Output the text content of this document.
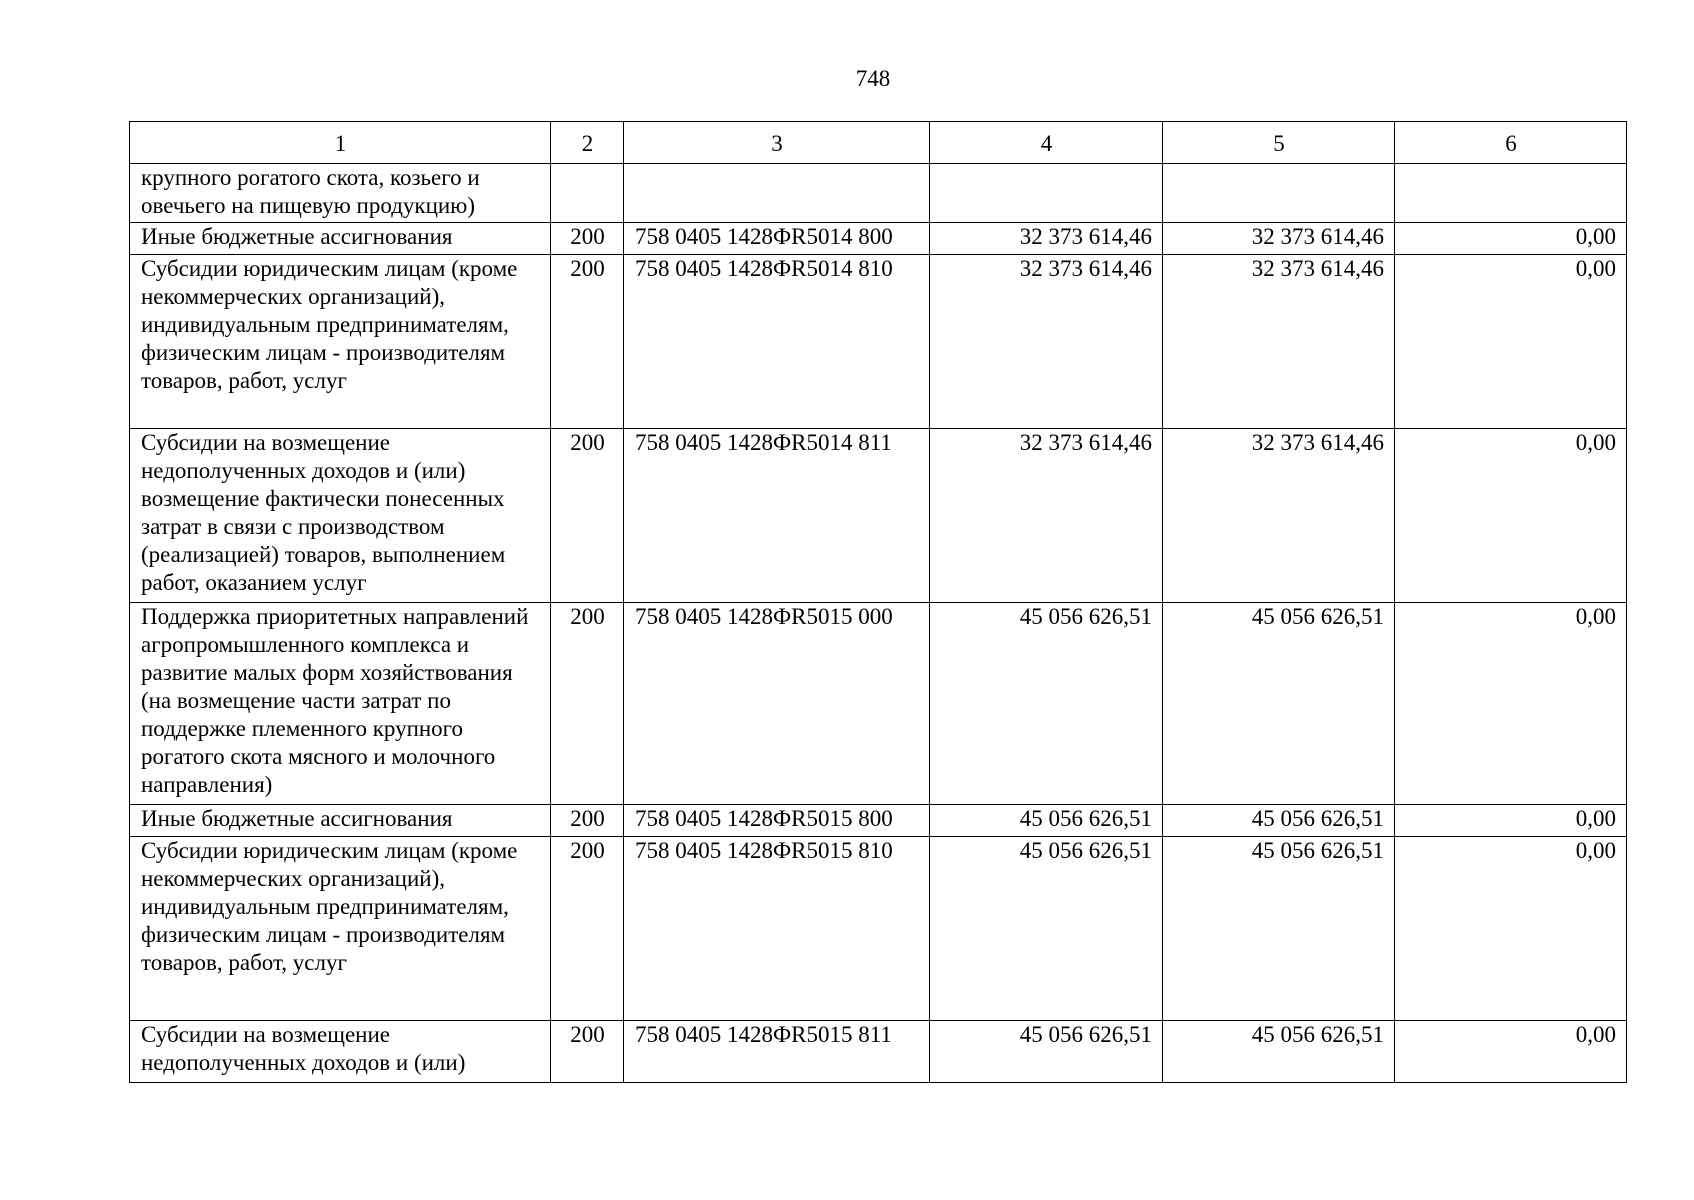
748
1	2	3	4	5	6
крупного рогатого скота, козьего и овечьего на пищевую продукцию)					
Иные бюджетные ассигнования	200	758 0405 1428ФR5014 800	32 373 614,46	32 373 614,46	0,00
Субсидии юридическим лицам (кроме некоммерческих организаций), индивидуальным предпринимателям, физическим лицам - производителям товаров, работ, услуг	200	758 0405 1428ФR5014 810	32 373 614,46	32 373 614,46	0,00
Субсидии на возмещение недополученных доходов и (или) возмещение фактически понесенных затрат в связи с производством (реализацией) товаров, выполнением работ, оказанием услуг	200	758 0405 1428ФR5014 811	32 373 614,46	32 373 614,46	0,00
Поддержка приоритетных направлений агропромышленного комплекса и развитие малых форм хозяйствования (на возмещение части затрат по поддержке племенного крупного рогатого скота мясного и молочного направления)	200	758 0405 1428ФR5015 000	45 056 626,51	45 056 626,51	0,00
Иные бюджетные ассигнования	200	758 0405 1428ФR5015 800	45 056 626,51	45 056 626,51	0,00
Субсидии юридическим лицам (кроме некоммерческих организаций), индивидуальным предпринимателям, физическим лицам - производителям товаров, работ, услуг	200	758 0405 1428ФR5015 810	45 056 626,51	45 056 626,51	0,00
Субсидии на возмещение недополученных доходов и (или)	200	758 0405 1428ФR5015 811	45 056 626,51	45 056 626,51	0,00
